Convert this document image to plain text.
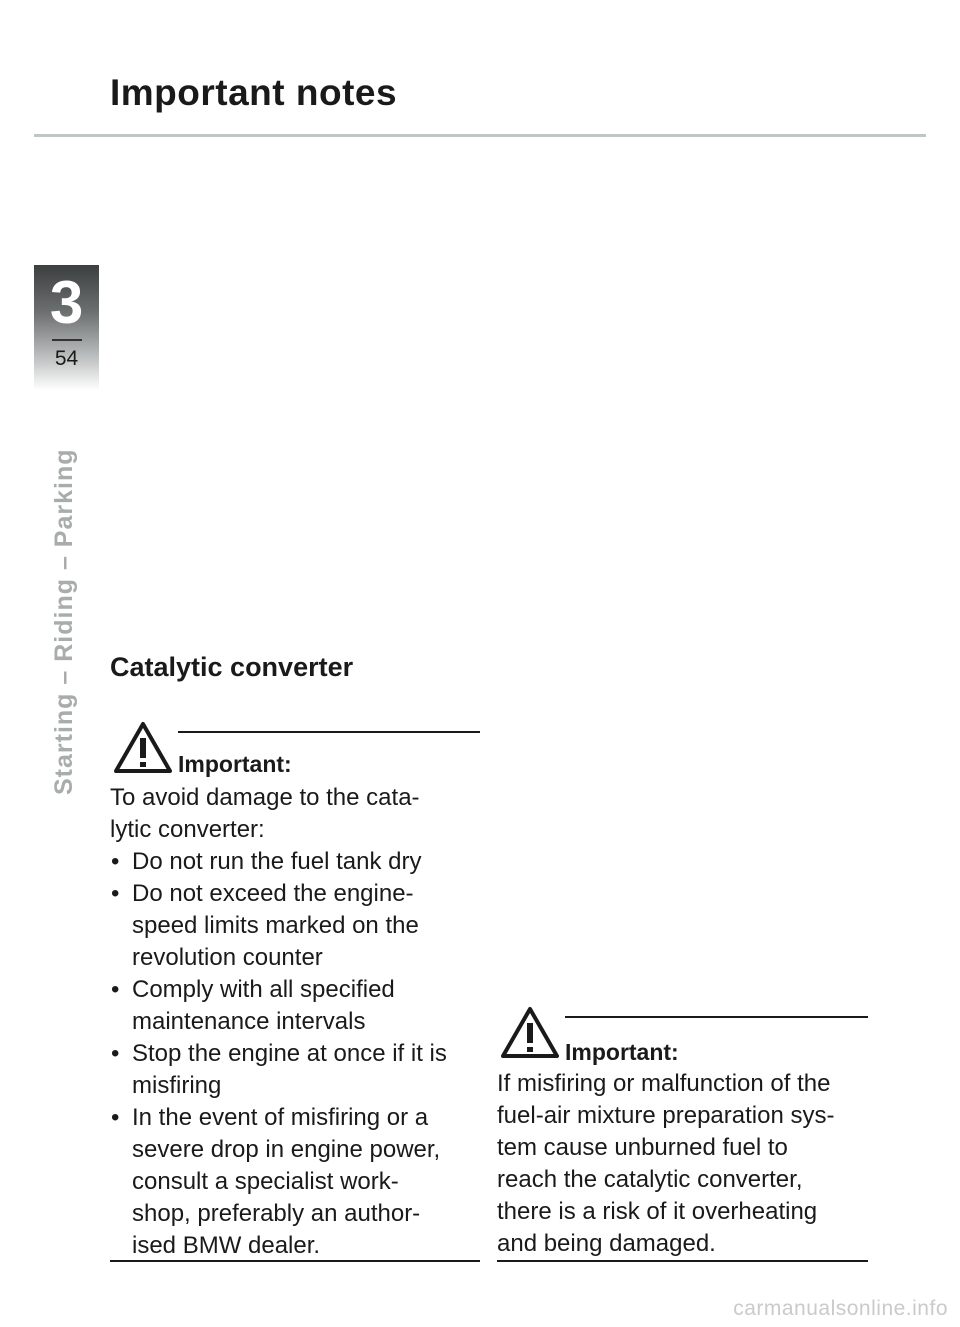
Important notes
3
54
Starting – Riding – Parking Catalytic converter
Important:
To avoid damage to the cata-
lytic converter:
• Do not run the fuel tank dry
• Do not exceed the engine-
speed limits marked on the
revolution counter
• Comply with all specified
maintenance intervals
• Stop the engine at once if it is
misfiring
• In the event of misfiring or a
severe drop in engine power,
consult a specialist work-
shop, preferably an author-
ised BMW dealer.
Important:
If misfiring or malfunction of the
fuel-air mixture preparation sys-
tem cause unburned fuel to
reach the catalytic converter,
there is a risk of it overheating
and being damaged.
carmanualsonline.info
